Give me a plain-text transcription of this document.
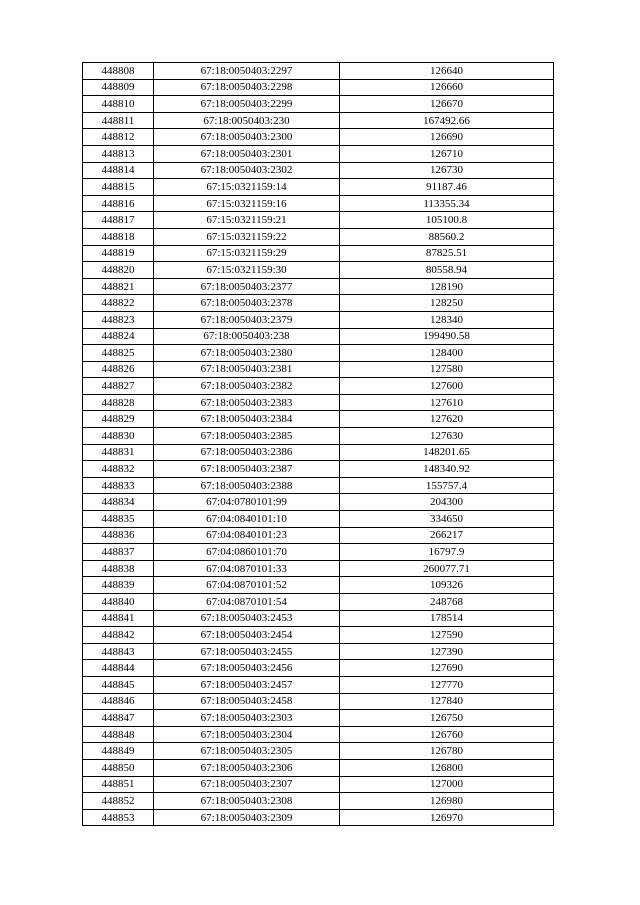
448808	67:18:0050403:2297	126640
448809	67:18:0050403:2298	126660
448810	67:18:0050403:2299	126670
448811	67:18:0050403:230	167492.66
448812	67:18:0050403:2300	126690
448813	67:18:0050403:2301	126710
448814	67:18:0050403:2302	126730
448815	67:15:0321159:14	91187.46
448816	67:15:0321159:16	113355.34
448817	67:15:0321159:21	105100.8
448818	67:15:0321159:22	88560.2
448819	67:15:0321159:29	87825.51
448820	67:15:0321159:30	80558.94
448821	67:18:0050403:2377	128190
448822	67:18:0050403:2378	128250
448823	67:18:0050403:2379	128340
448824	67:18:0050403:238	199490.58
448825	67:18:0050403:2380	128400
448826	67:18:0050403:2381	127580
448827	67:18:0050403:2382	127600
448828	67:18:0050403:2383	127610
448829	67:18:0050403:2384	127620
448830	67:18:0050403:2385	127630
448831	67:18:0050403:2386	148201.65
448832	67:18:0050403:2387	148340.92
448833	67:18:0050403:2388	155757.4
448834	67:04:0780101:99	204300
448835	67:04:0840101:10	334650
448836	67:04:0840101:23	266217
448837	67:04:0860101:70	16797.9
448838	67:04:0870101:33	260077.71
448839	67:04:0870101:52	109326
448840	67:04:0870101:54	248768
448841	67:18:0050403:2453	178514
448842	67:18:0050403:2454	127590
448843	67:18:0050403:2455	127390
448844	67:18:0050403:2456	127690
448845	67:18:0050403:2457	127770
448846	67:18:0050403:2458	127840
448847	67:18:0050403:2303	126750
448848	67:18:0050403:2304	126760
448849	67:18:0050403:2305	126780
448850	67:18:0050403:2306	126800
448851	67:18:0050403:2307	127000
448852	67:18:0050403:2308	126980
448853	67:18:0050403:2309	126970
